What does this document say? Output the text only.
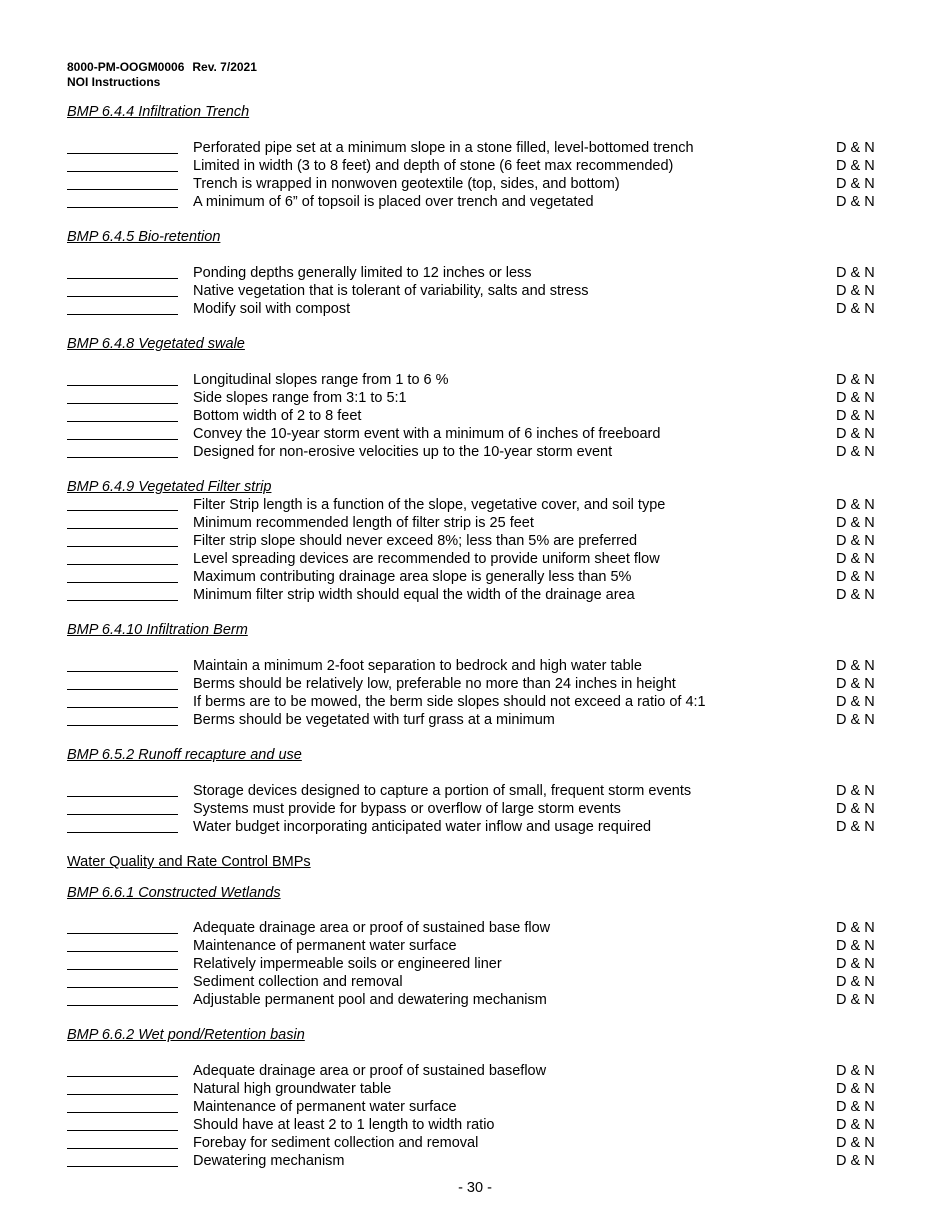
8000-PM-OOGM0006 Rev. 7/2021
NOI Instructions
BMP 6.4.4 Infiltration Trench
Perforated pipe set at a minimum slope in a stone filled, level-bottomed trench	D & N
Limited in width (3 to 8 feet) and depth of stone (6 feet max recommended)	D & N
Trench is wrapped in nonwoven geotextile (top, sides, and bottom)	D & N
A minimum of 6” of topsoil is placed over trench and vegetated	D & N
BMP 6.4.5 Bio-retention
Ponding depths generally limited to 12 inches or less	D & N
Native vegetation that is tolerant of variability, salts and stress	D & N
Modify soil with compost	D & N
BMP 6.4.8 Vegetated swale
Longitudinal slopes range from 1 to 6 %	D & N
Side slopes range from 3:1 to 5:1	D & N
Bottom width of 2 to 8 feet	D & N
Convey the 10-year storm event with a minimum of 6 inches of freeboard	D & N
Designed for non-erosive velocities up to the 10-year storm event	D & N
BMP 6.4.9 Vegetated Filter strip
Filter Strip length is a function of the slope, vegetative cover, and soil type	D & N
Minimum recommended length of filter strip is 25 feet	D & N
Filter strip slope should never exceed 8%; less than 5% are preferred	D & N
Level spreading devices are recommended to provide uniform sheet flow	D & N
Maximum contributing drainage area slope is generally less than 5%	D & N
Minimum filter strip width should equal the width of the drainage area	D & N
BMP 6.4.10 Infiltration Berm
Maintain a minimum 2-foot separation to bedrock and high water table	D & N
Berms should be relatively low, preferable no more than 24 inches in height	D & N
If berms are to be mowed, the berm side slopes should not exceed a ratio of 4:1	D & N
Berms should be vegetated with turf grass at a minimum	D & N
BMP 6.5.2 Runoff recapture and use
Storage devices designed to capture a portion of small, frequent storm events	D & N
Systems must provide for bypass or overflow of large storm events	D & N
Water budget incorporating anticipated water inflow and usage required	D & N
Water Quality and Rate Control BMPs
BMP 6.6.1 Constructed Wetlands
Adequate drainage area or proof of sustained base flow	D & N
Maintenance of permanent water surface	D & N
Relatively impermeable soils or engineered liner	D & N
Sediment collection and removal	D & N
Adjustable permanent pool and dewatering mechanism	D & N
BMP 6.6.2 Wet pond/Retention basin
Adequate drainage area or proof of sustained baseflow	D & N
Natural high groundwater table	D & N
Maintenance of permanent water surface	D & N
Should have at least 2 to 1 length to width ratio	D & N
Forebay for sediment collection and removal	D & N
Dewatering mechanism	D & N
- 30 -
